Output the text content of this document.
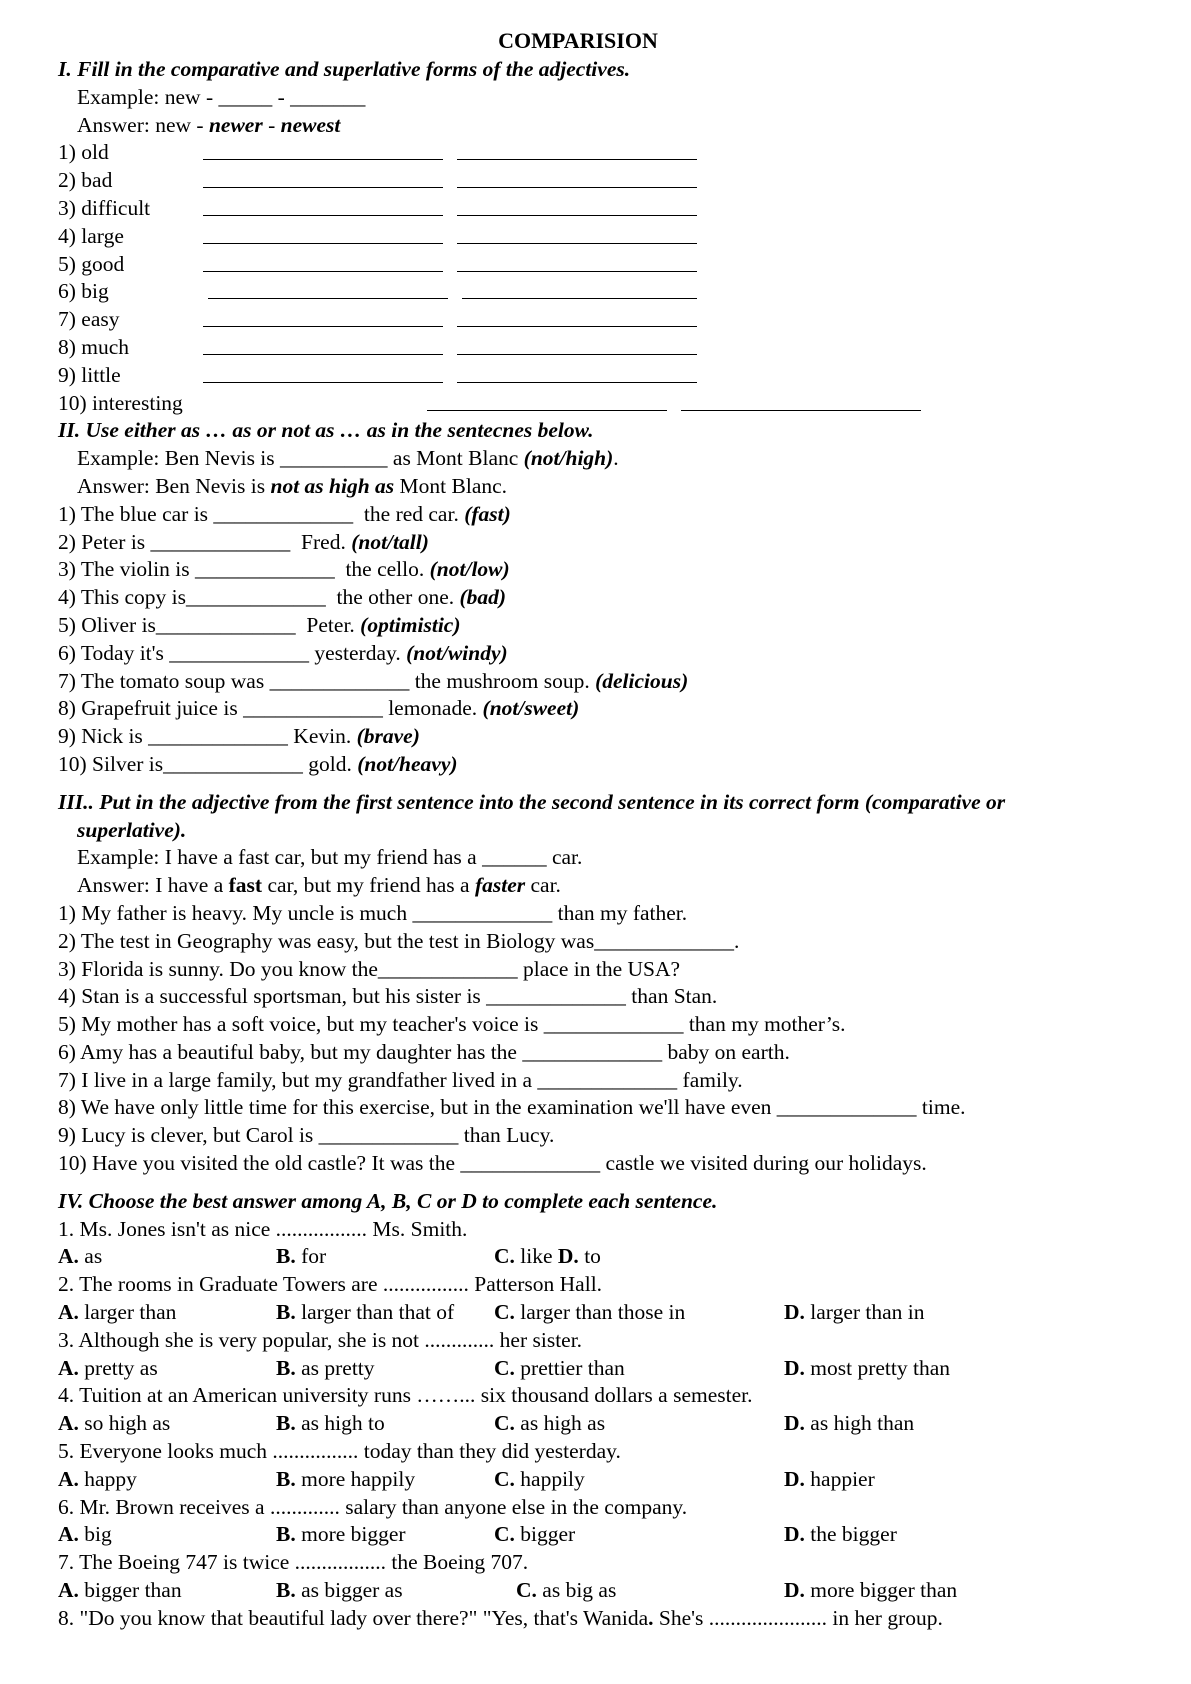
COMPARISION
I. Fill in the comparative and superlative forms of the adjectives.
Example: new - _____ - _______
Answer: new - newer - newest
1) old
2) bad
3) difficult
4) large
5) good
6) big
7) easy
8) much
9) little
10) interesting
II. Use either as … as or not as … as in the sentecnes below.
Example: Ben Nevis is __________ as Mont Blanc (not/high).
Answer: Ben Nevis is not as high as Mont Blanc.
1) The blue car is _____________  the red car. (fast)
2) Peter is _____________  Fred. (not/tall)
3) The violin is _____________  the cello. (not/low)
4) This copy is_____________  the other one. (bad)
5) Oliver is_____________  Peter. (optimistic)
6) Today it's _____________ yesterday. (not/windy)
7) The tomato soup was _____________ the mushroom soup. (delicious)
8) Grapefruit juice is _____________ lemonade. (not/sweet)
9) Nick is _____________ Kevin. (brave)
10) Silver is_____________ gold. (not/heavy)
III.. Put in the adjective from the first sentence into the second sentence in its correct form (comparative or
superlative).
Example: I have a fast car, but my friend has a ______ car.
Answer: I have a fast car, but my friend has a faster car.
1) My father is heavy. My uncle is much _____________ than my father.
2) The test in Geography was easy, but the test in Biology was_____________.
3) Florida is sunny. Do you know the_____________ place in the USA?
4) Stan is a successful sportsman, but his sister is _____________ than Stan.
5) My mother has a soft voice, but my teacher's voice is _____________ than my mother’s.
6) Amy has a beautiful baby, but my daughter has the _____________ baby on earth.
7) I live in a large family, but my grandfather lived in a _____________ family.
8) We have only little time for this exercise, but in the examination we'll have even _____________ time.
9) Lucy is clever, but Carol is _____________ than Lucy.
10) Have you visited the old castle? It was the _____________ castle we visited during our holidays.
IV. Choose the best answer among A, B, C or D to complete each sentence.
1. Ms. Jones isn't as nice ................. Ms. Smith.
A. as	B. for	C. like D. to
2. The rooms in Graduate Towers are ................ Patterson Hall.
A. larger than	B. larger than that of	C. larger than those in	D. larger than in
3. Although she is very popular, she is not ............. her sister.
A. pretty as	B. as pretty	C. prettier than	D. most pretty than
4. Tuition at an American university runs ……... six thousand dollars a semester.
A. so high as	B. as high to	C. as high as	D. as high than
5. Everyone looks much ................ today than they did yesterday.
A. happy	B. more happily	C. happily	D. happier
6. Mr. Brown receives a ............. salary than anyone else in the company.
A. big	B. more bigger	C. bigger	D. the bigger
7. The Boeing 747 is twice ................. the Boeing 707.
A. bigger than	B. as bigger as	C. as big as	D. more bigger than
8. "Do you know that beautiful lady over there?" "Yes, that's Wanida. She's ...................... in her group.
